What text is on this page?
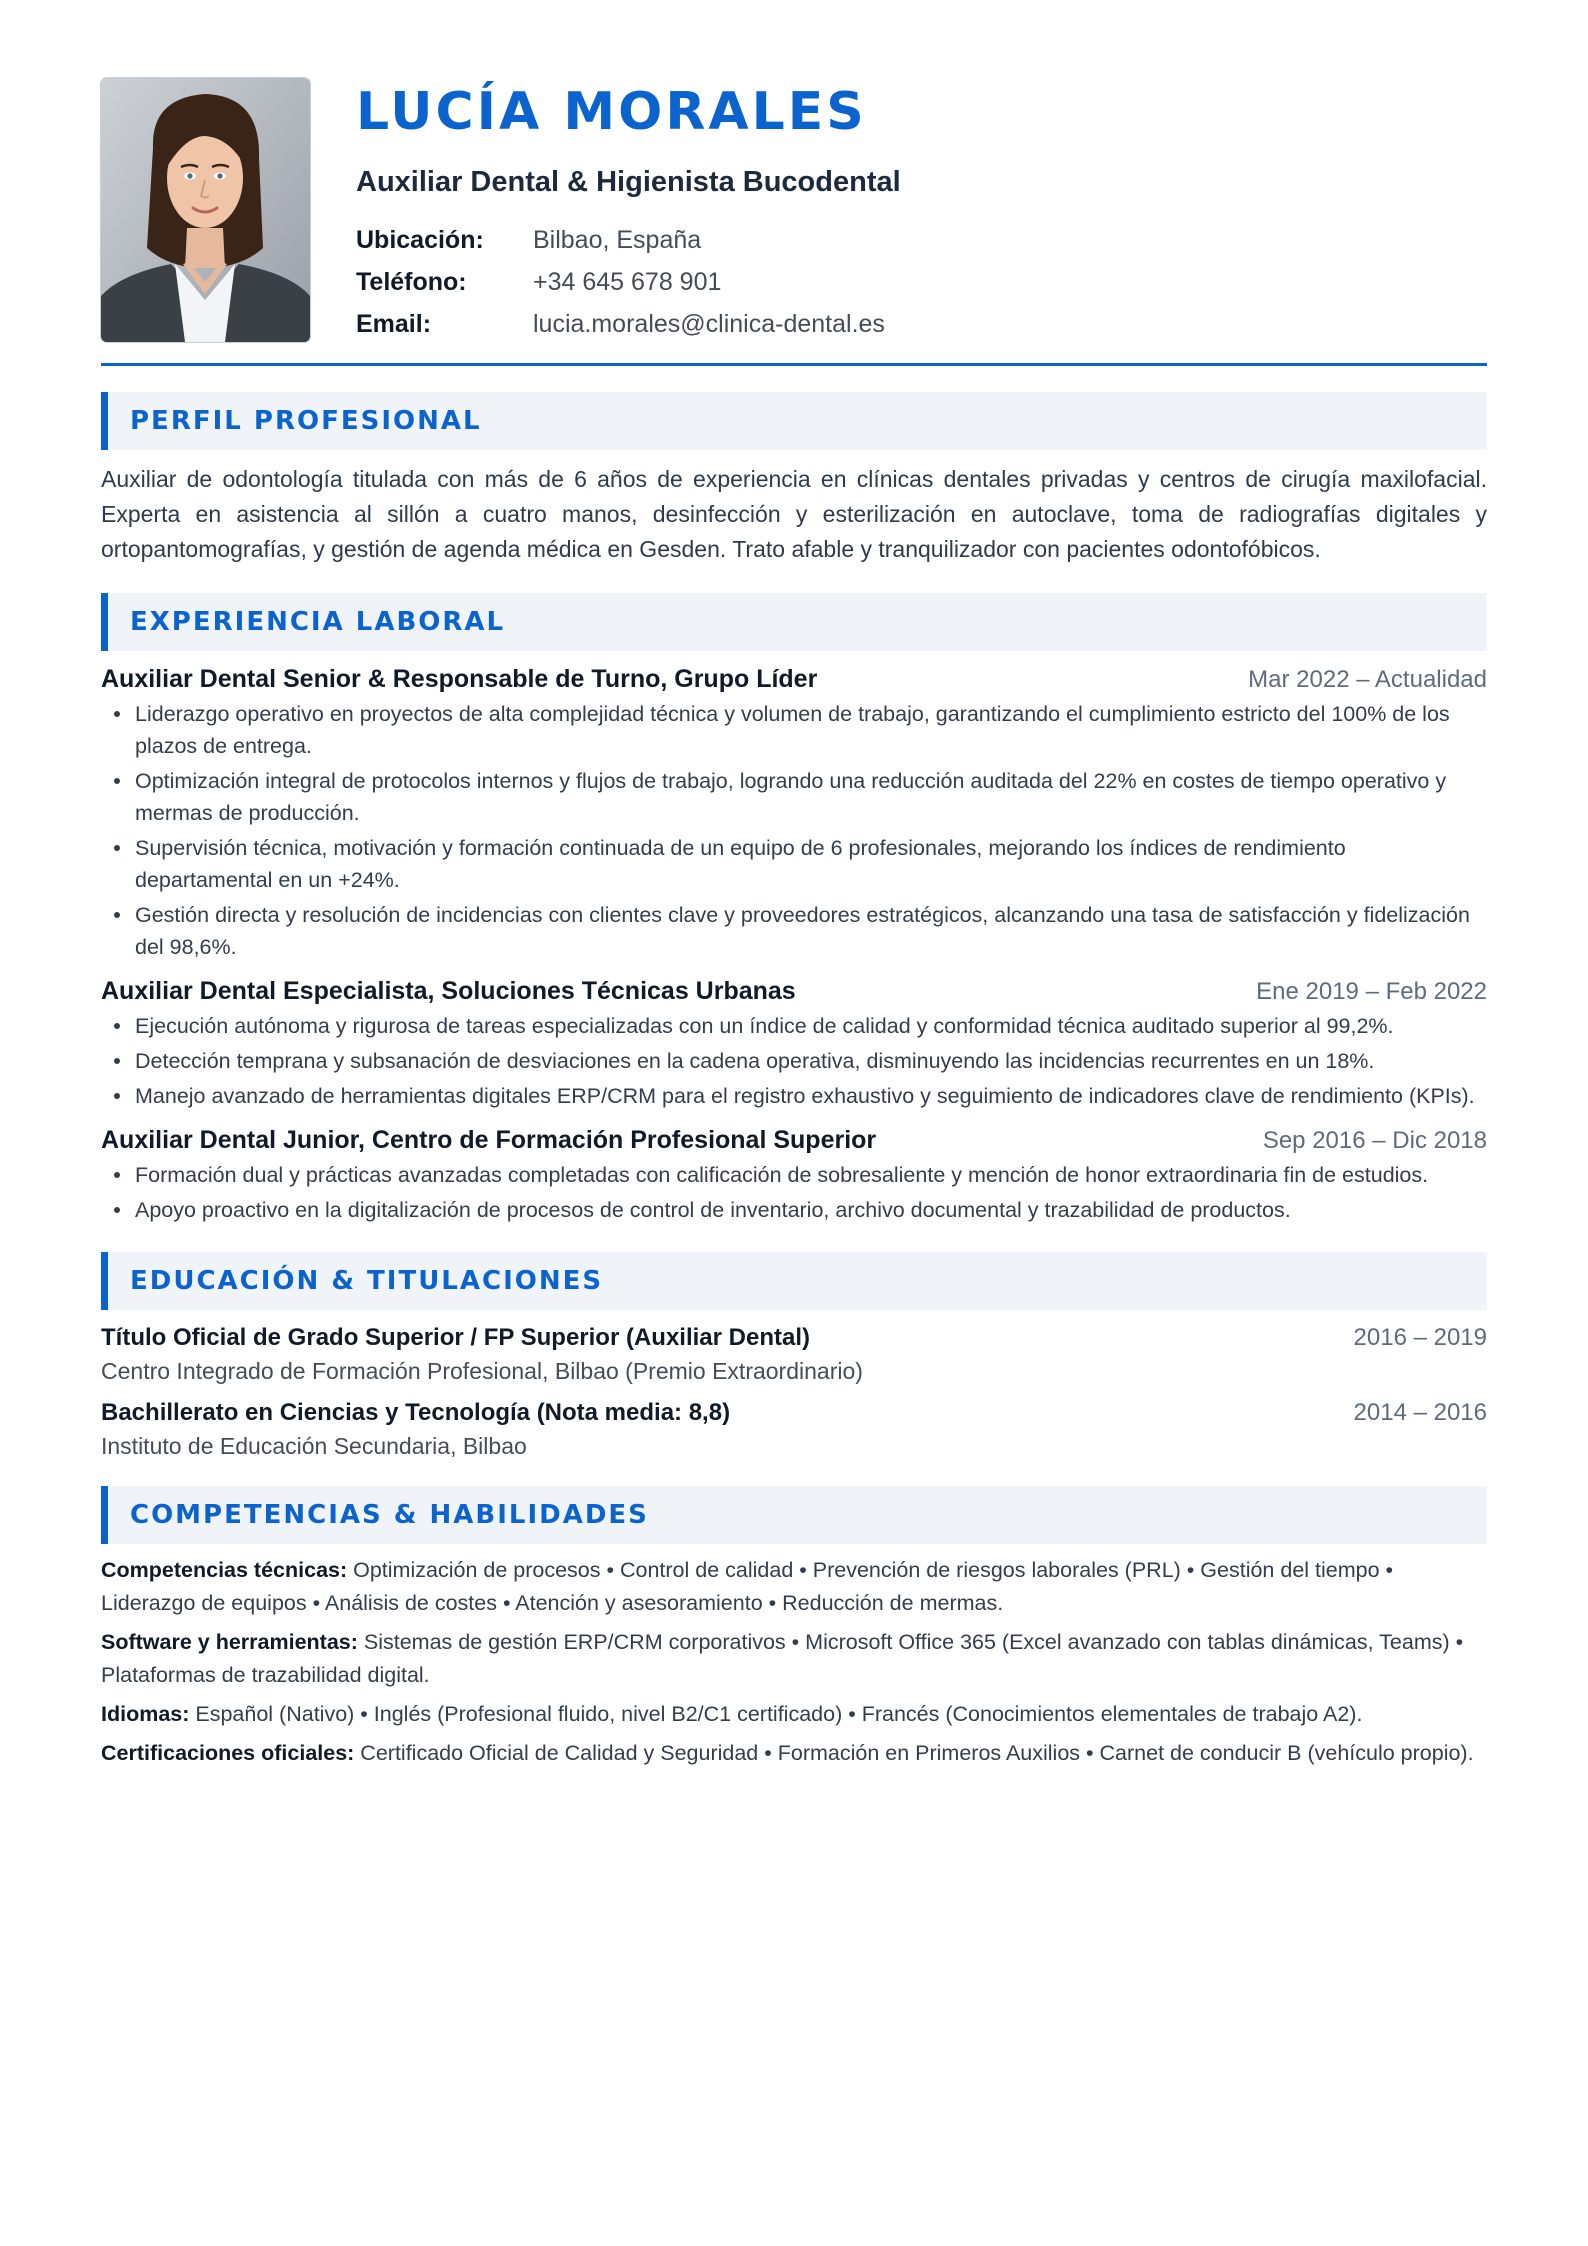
LUCÍA MORALES
Auxiliar Dental & Higienista Bucodental
Ubicación:	Bilbao, España
Teléfono:	+34 645 678 901
Email:	lucia.morales@clinica-dental.es
PERFIL PROFESIONAL
Auxiliar de odontología titulada con más de 6 años de experiencia en clínicas dentales privadas y centros de cirugía maxilofacial. Experta en asistencia al sillón a cuatro manos, desinfección y esterilización en autoclave, toma de radiografías digitales y ortopantomografías, y gestión de agenda médica en Gesden. Trato afable y tranquilizador con pacientes odontofóbicos.
EXPERIENCIA LABORAL
Auxiliar Dental Senior & Responsable de Turno, Grupo Líder	Mar 2022 – Actualidad
Liderazgo operativo en proyectos de alta complejidad técnica y volumen de trabajo, garantizando el cumplimiento estricto del 100% de los plazos de entrega.
Optimización integral de protocolos internos y flujos de trabajo, logrando una reducción auditada del 22% en costes de tiempo operativo y mermas de producción.
Supervisión técnica, motivación y formación continuada de un equipo de 6 profesionales, mejorando los índices de rendimiento departamental en un +24%.
Gestión directa y resolución de incidencias con clientes clave y proveedores estratégicos, alcanzando una tasa de satisfacción y fidelización del 98,6%.
Auxiliar Dental Especialista, Soluciones Técnicas Urbanas	Ene 2019 – Feb 2022
Ejecución autónoma y rigurosa de tareas especializadas con un índice de calidad y conformidad técnica auditado superior al 99,2%.
Detección temprana y subsanación de desviaciones en la cadena operativa, disminuyendo las incidencias recurrentes en un 18%.
Manejo avanzado de herramientas digitales ERP/CRM para el registro exhaustivo y seguimiento de indicadores clave de rendimiento (KPIs).
Auxiliar Dental Junior, Centro de Formación Profesional Superior	Sep 2016 – Dic 2018
Formación dual y prácticas avanzadas completadas con calificación de sobresaliente y mención de honor extraordinaria fin de estudios.
Apoyo proactivo en la digitalización de procesos de control de inventario, archivo documental y trazabilidad de productos.
EDUCACIÓN & TITULACIONES
Título Oficial de Grado Superior / FP Superior (Auxiliar Dental)	2016 – 2019
Centro Integrado de Formación Profesional, Bilbao (Premio Extraordinario)
Bachillerato en Ciencias y Tecnología (Nota media: 8,8)	2014 – 2016
Instituto de Educación Secundaria, Bilbao
COMPETENCIAS & HABILIDADES
Competencias técnicas: Optimización de procesos • Control de calidad • Prevención de riesgos laborales (PRL) • Gestión del tiempo • Liderazgo de equipos • Análisis de costes • Atención y asesoramiento • Reducción de mermas.
Software y herramientas: Sistemas de gestión ERP/CRM corporativos • Microsoft Office 365 (Excel avanzado con tablas dinámicas, Teams) • Plataformas de trazabilidad digital.
Idiomas: Español (Nativo) • Inglés (Profesional fluido, nivel B2/C1 certificado) • Francés (Conocimientos elementales de trabajo A2).
Certificaciones oficiales: Certificado Oficial de Calidad y Seguridad • Formación en Primeros Auxilios • Carnet de conducir B (vehículo propio).
